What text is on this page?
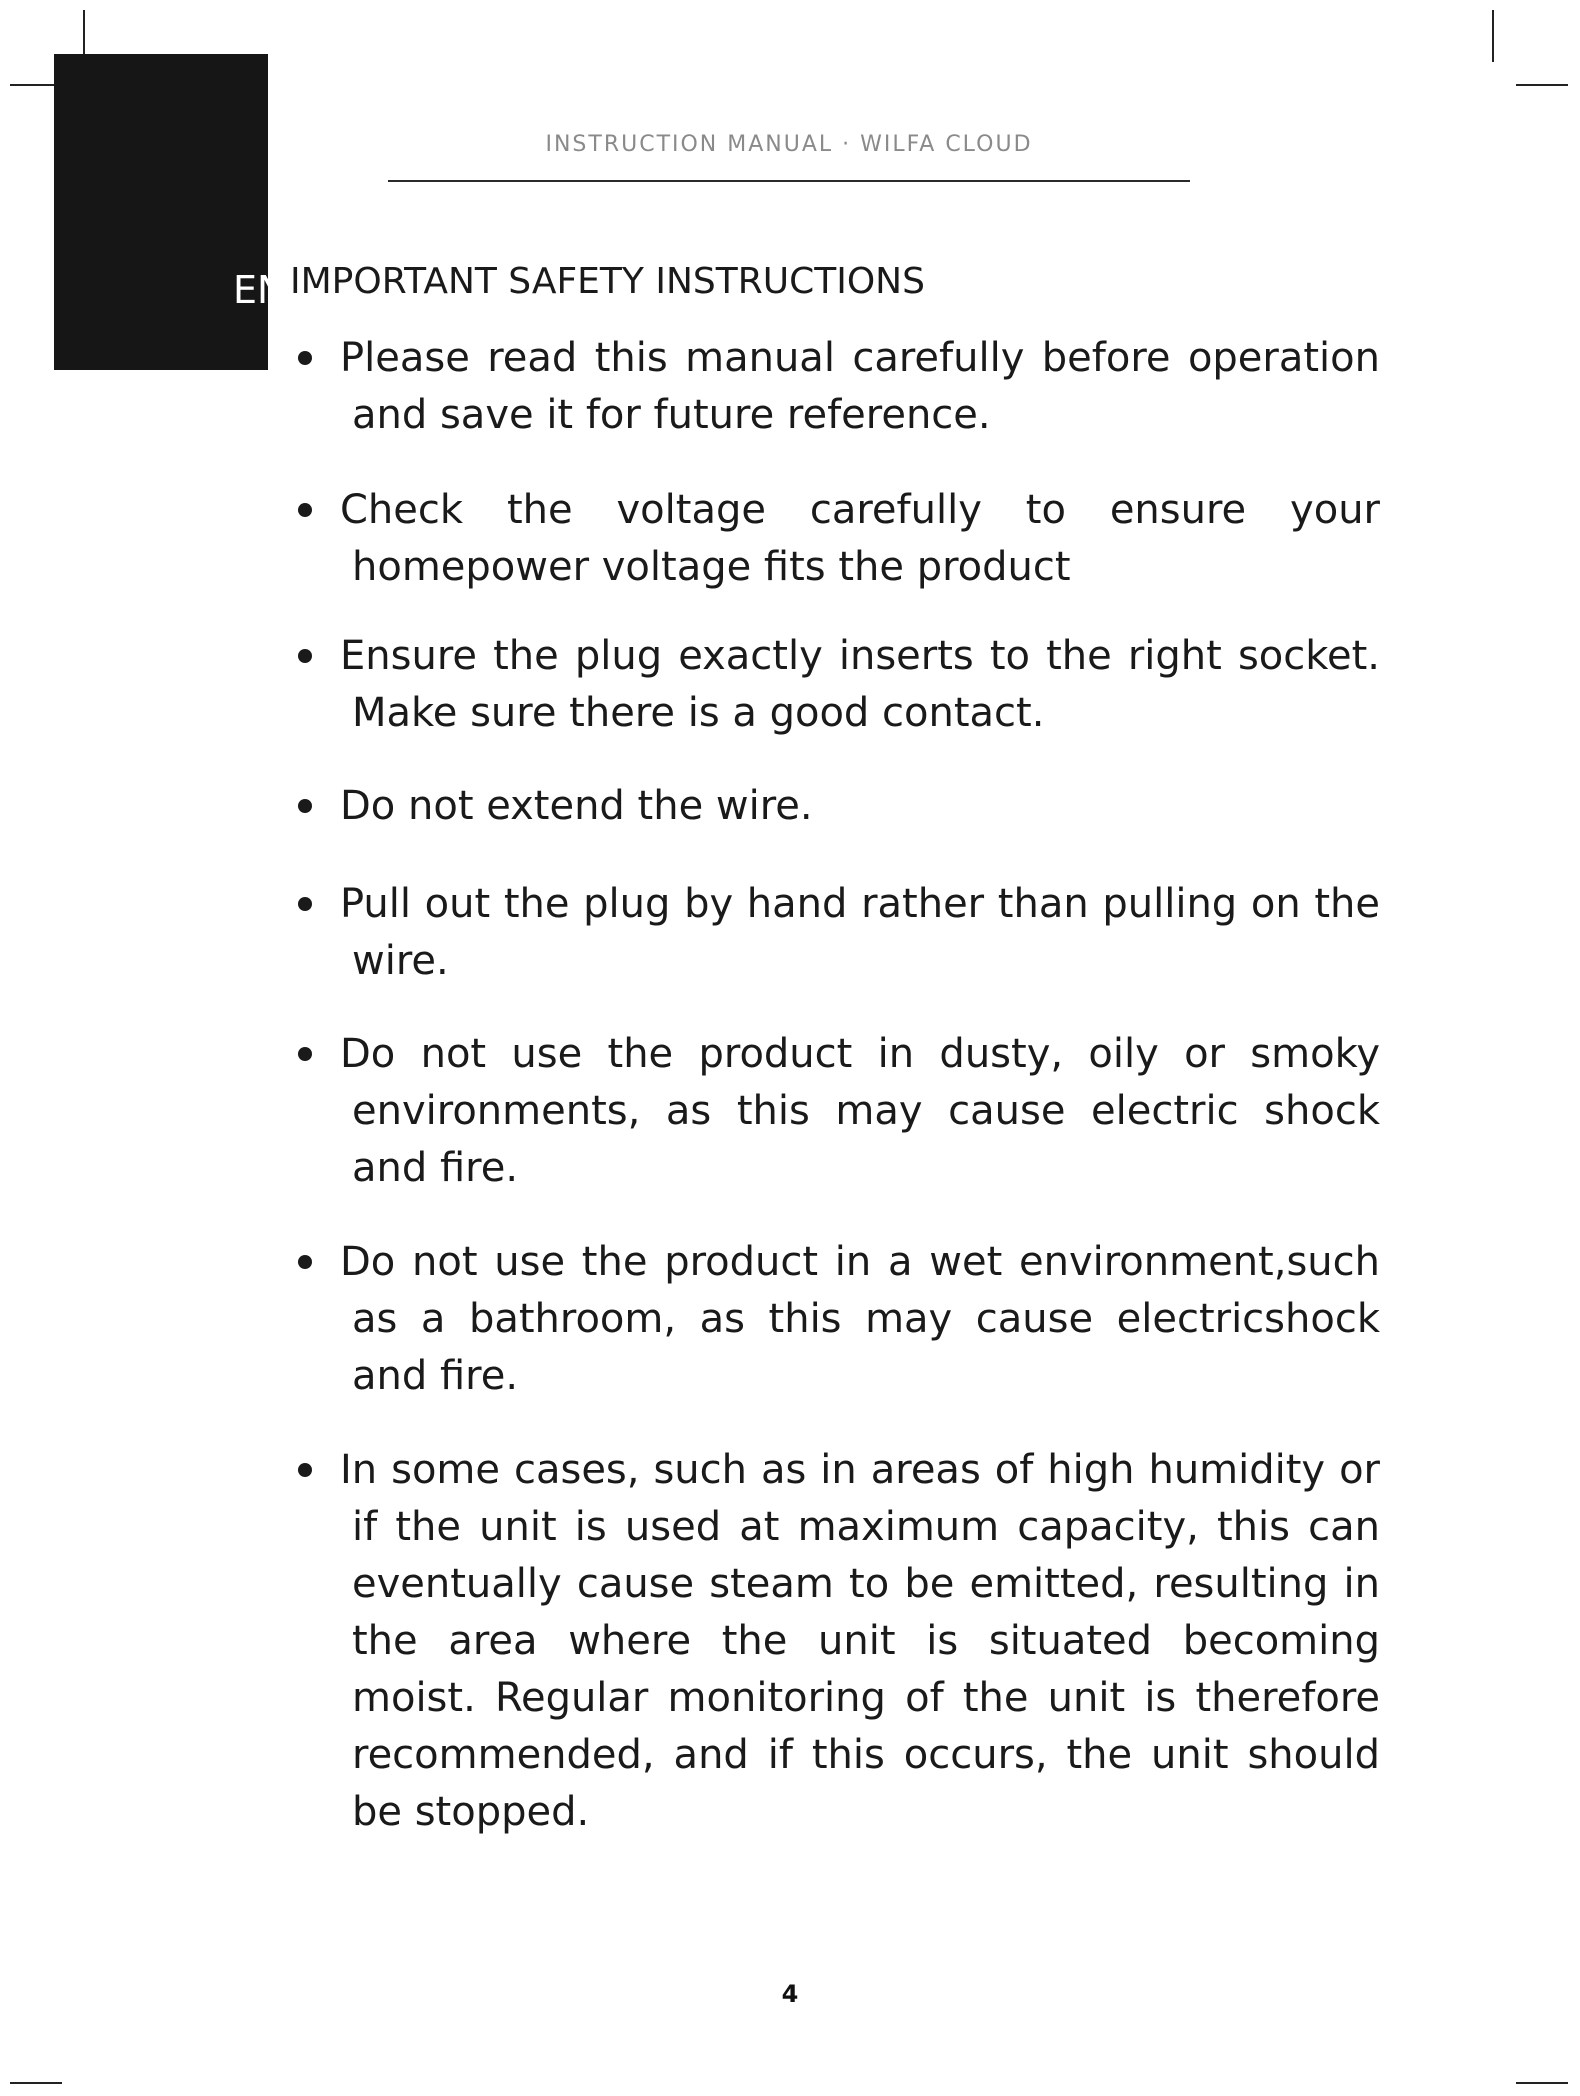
EN
INSTRUCTION MANUAL · WILFA CLOUD
IMPORTANT SAFETY INSTRUCTIONS
Please read this manual carefully before operation and save it for future reference.
Check the voltage carefully to ensure your homepower voltage fits the product
Ensure the plug exactly inserts to the right socket. Make sure there is a good contact.
Do not extend the wire.
Pull out the plug by hand rather than pulling on the wire.
Do not use the product in dusty, oily or smoky environments, as this may cause electric shock and fire.
Do not use the product in a wet environment,such as a bathroom, as this may cause electricshock and fire.
In some cases, such as in areas of high humidity or if the unit is used at maximum capacity, this can eventually cause steam to be emitted, resulting in the area where the unit is situated becoming moist. Regular monitoring of the unit is therefore recommended, and if this occurs, the unit should be stopped.
4
